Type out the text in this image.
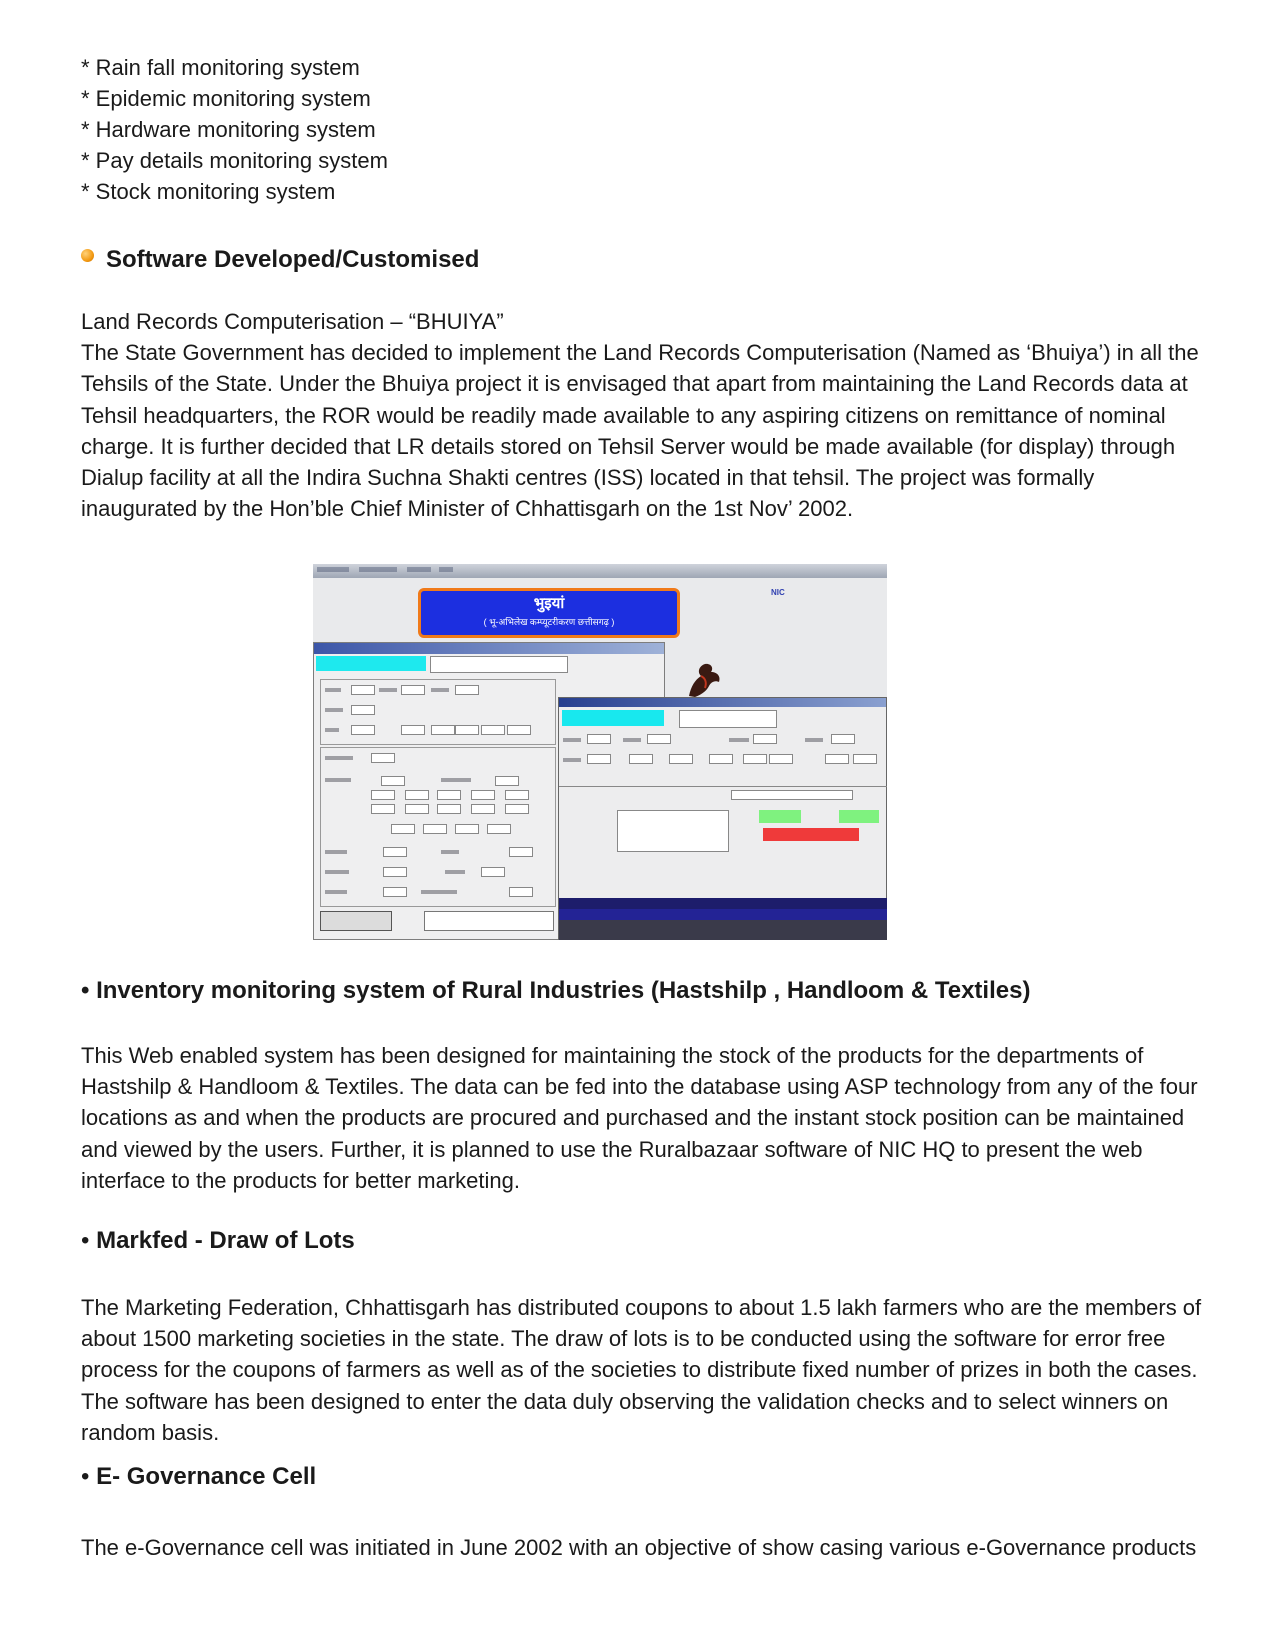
* Rain fall monitoring system
* Epidemic monitoring system
* Hardware monitoring system
* Pay details monitoring system
* Stock monitoring system
Software Developed/Customised

Land Records Computerisation – “BHUIYA”

The State Government has decided to implement the Land Records Computerisation (Named as ‘Bhuiya’) in all the Tehsils of the State. Under the Bhuiya project it is envisaged that apart from maintaining the Land Records data at Tehsil headquarters, the ROR would be readily made available to any aspiring citizens on remittance of nominal charge. It is further decided that LR details stored on Tehsil Server would be made available (for display) through Dialup facility at all the Indira Suchna Shakti centres (ISS) located in that tehsil. The project was formally inaugurated by the Hon’ble Chief Minister of Chhattisgarh on the 1st Nov’ 2002.

भुइयां
( भू-अभिलेख कम्प्यूटरीकरण छत्तीसगढ़ )
NIC
• Inventory monitoring system of Rural Industries (Hastshilp , Handloom & Textiles)

This Web enabled system has been designed for maintaining the stock of the products for the departments of Hastshilp & Handloom & Textiles. The data can be fed into the database using ASP technology from any of the four locations as and when the products are procured and purchased and the instant stock position can be maintained and viewed by the users. Further, it is planned to use the Ruralbazaar software of NIC HQ to present the web interface to the products for better marketing.

• Markfed - Draw of Lots

The Marketing Federation, Chhattisgarh has distributed coupons to about 1.5 lakh farmers who are the members of about 1500 marketing societies in the state. The draw of lots is to be conducted using the software for error free process for the coupons of farmers as well as of the societies to distribute fixed number of prizes in both the cases. The software has been designed to enter the data duly observing the validation checks and to select winners on random basis.

• E- Governance Cell

The e-Governance cell was initiated in June 2002 with an objective of show casing various e-Governance products
